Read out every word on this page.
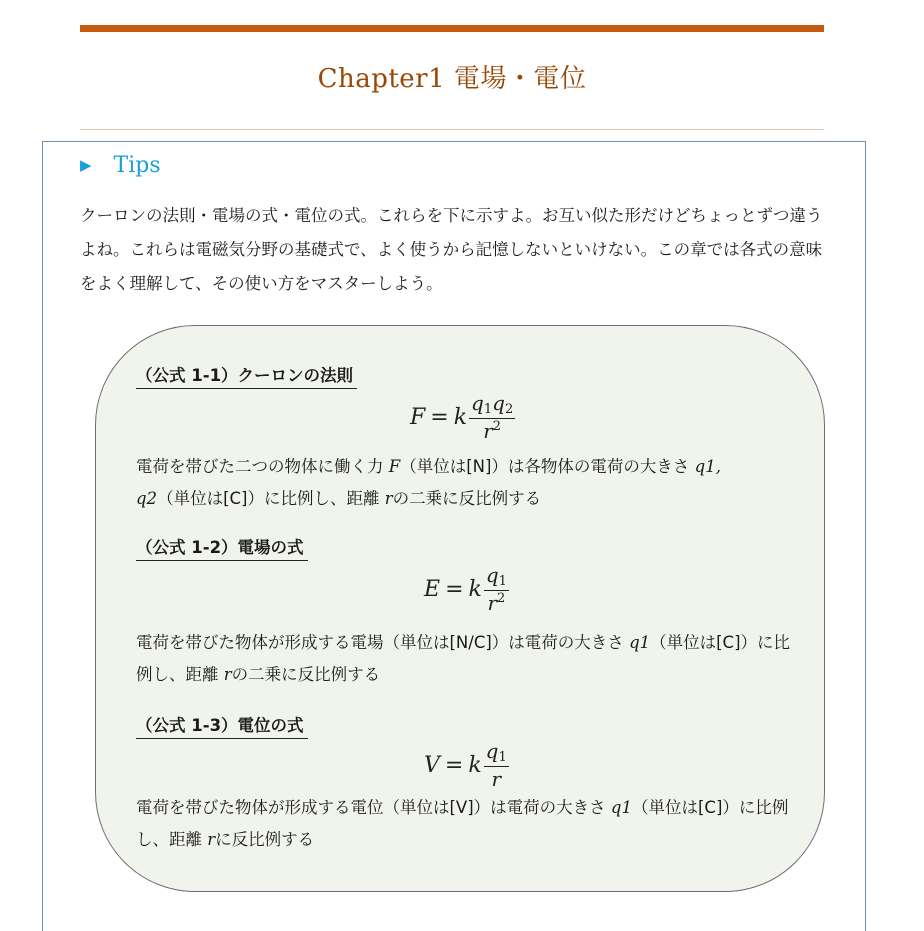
Chapter1 電場・電位
▶ Tips

クーロンの法則・電場の式・電位の式。これらを下に示すよ。お互い似た形だけどちょっとずつ違うよね。これらは電磁気分野の基礎式で、よく使うから記憶しないといけない。この章では各式の意味をよく理解して、その使い方をマスターしよう。

（公式 1-1）クーロンの法則
F = k $\frac{q_1q_2}{r^2}$

電荷を帯びた二つの物体に働く力 F（単位は[N]）は各物体の電荷の大きさ q1,
q2（単位は[C]）に比例し、距離 rの二乗に反比例する

（公式 1-2）電場の式
E = k $\frac{q_1}{r^2}$

電荷を帯びた物体が形成する電場（単位は[N/C]）は電荷の大きさ q1（単位は[C]）に比例し、距離 rの二乗に反比例する

（公式 1-3）電位の式
V = k $\frac{q_1}{r}$

電荷を帯びた物体が形成する電位（単位は[V]）は電荷の大きさ q1（単位は[C]）に比例し、距離 rに反比例する
